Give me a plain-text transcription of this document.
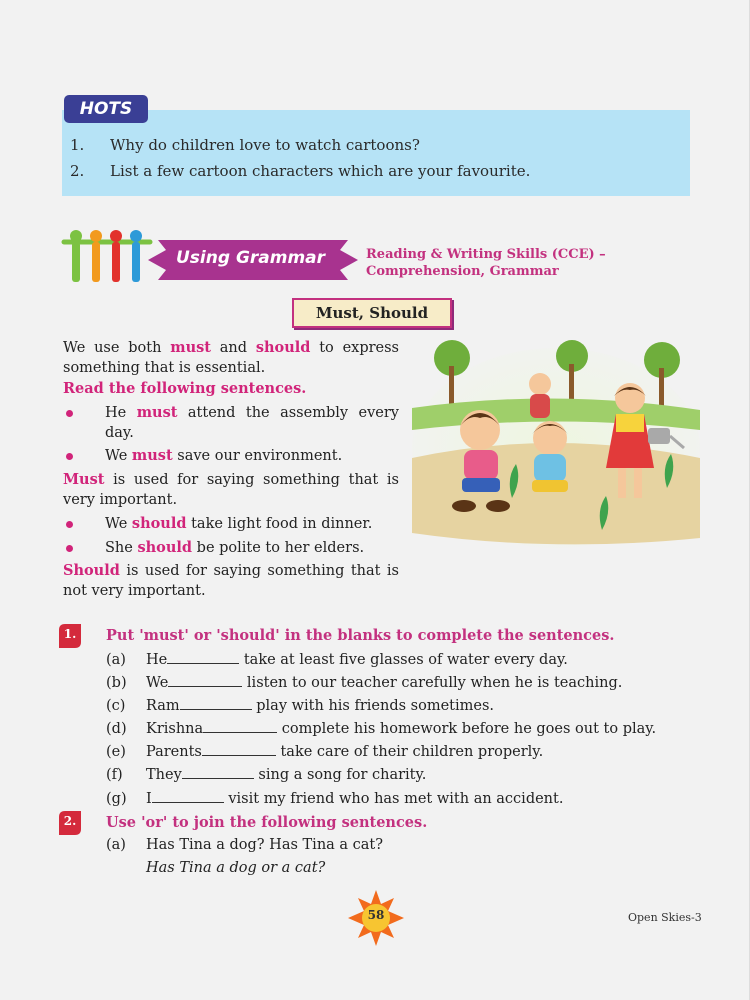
HOTS
1. Why do children love to watch cartoons?
2. List a few cartoon characters which are your favourite.
Using Grammar	Reading & Writing Skills (CCE) –
Comprehension, Grammar
Must, Should
We use both must and should to express something that is essential.
Read the following sentences.
He must attend the assembly every day.
We must save our environment.
Must is used for saying something that is very important.
We should take light food in dinner.
She should be polite to her elders.
Should is used for saying something that is not very important.
1.	Put 'must' or 'should' in the blanks to complete the sentences.
(a) He	take at least five glasses of water every day.
(b) We	listen to our teacher carefully when he is teaching.
(c) Ram	play with his friends sometimes.
(d) Krishna	complete his homework before he goes out to play.
(e) Parents	take care of their children properly.
(f) They	sing a song for charity.
(g) I	visit my friend who has met with an accident.
2.	Use 'or' to join the following sentences.
(a) Has Tina a dog? Has Tina a cat?
Has Tina a dog or a cat?
58	Open Skies-3
